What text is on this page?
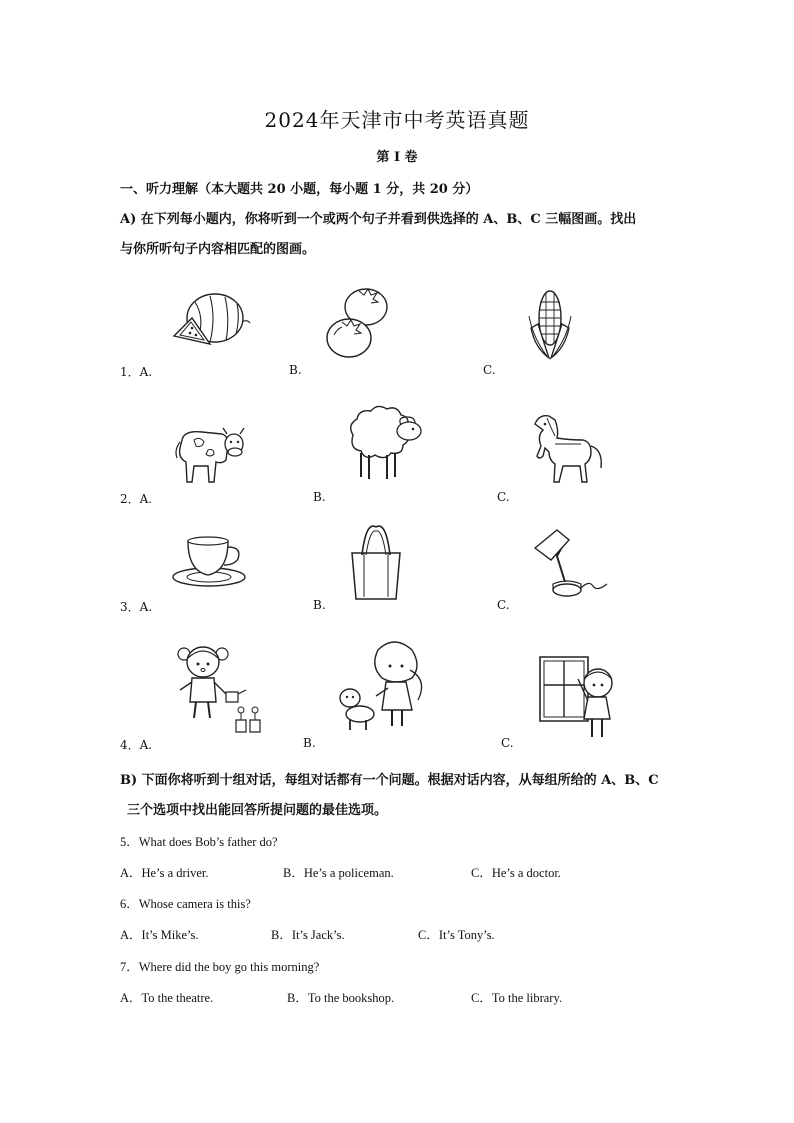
2024年天津市中考英语真题
第 I 卷
一、听力理解（本大题共 20 小题，每小题 1 分，共 20 分）
A) 在下列每小题内，你将听到一个或两个句子并看到供选择的 A、B、C 三幅图画。找出
与你所听句子内容相匹配的图画。
1．A.	B.	C.
2．A.	B.	C.
3．A.	B.	C.
4．A.	B.	C.
B) 下面你将听到十组对话，每组对话都有一个问题。根据对话内容，从每组所给的 A、B、C
三个选项中找出能回答所提问题的最佳选项。
5．What does Bob’s father do?
A．He’s a driver.	B．He’s a policeman.	C．He’s a doctor.
6．Whose camera is this?
A．It’s Mike’s.	B．It’s Jack’s.	C．It’s Tony’s.
7．Where did the boy go this morning?
A．To the theatre.	B．To the bookshop.	C．To the library.
